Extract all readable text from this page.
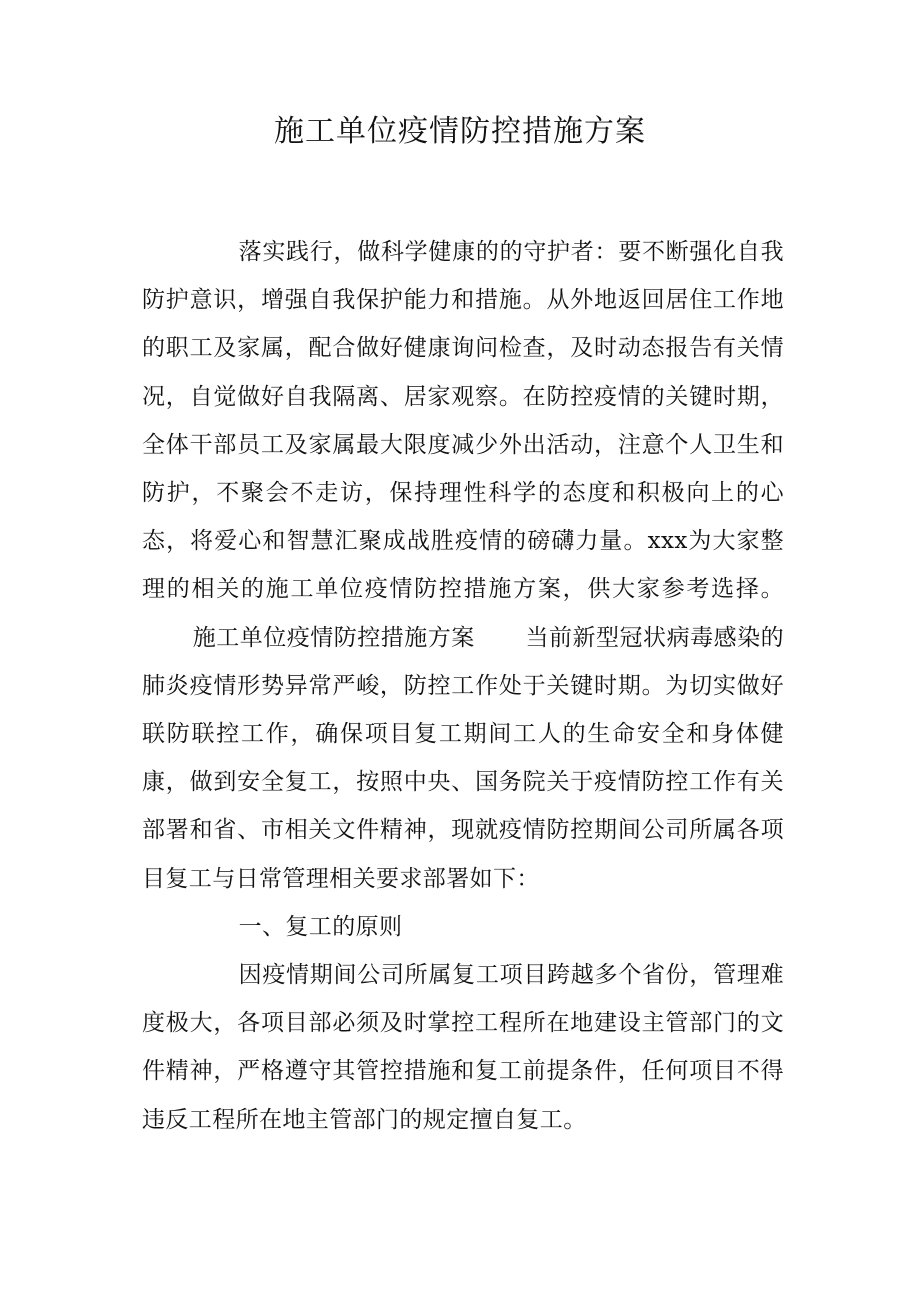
施工单位疫情防控措施方案

落实践行，做科学健康的的守护者：要不断强化自我防护意识，增强自我保护能力和措施。从外地返回居住工作地的职工及家属，配合做好健康询问检查，及时动态报告有关情况，自觉做好自我隔离、居家观察。在防控疫情的关键时期，全体干部员工及家属最大限度减少外出活动，注意个人卫生和防护，不聚会不走访，保持理性科学的态度和积极向上的心态，将爱心和智慧汇聚成战胜疫情的磅礴力量。xxx为大家整理的相关的施工单位疫情防控措施方案，供大家参考选择。施工单位疫情防控措施方案 当前新型冠状病毒感染的肺炎疫情形势异常严峻，防控工作处于关键时期。为切实做好联防联控工作，确保项目复工期间工人的生命安全和身体健康，做到安全复工，按照中央、国务院关于疫情防控工作有关部署和省、市相关文件精神，现就疫情防控期间公司所属各项目复工与日常管理相关要求部署如下：

一、复工的原则

因疫情期间公司所属复工项目跨越多个省份，管理难度极大，各项目部必须及时掌控工程所在地建设主管部门的文件精神，严格遵守其管控措施和复工前提条件，任何项目不得违反工程所在地主管部门的规定擅自复工。
